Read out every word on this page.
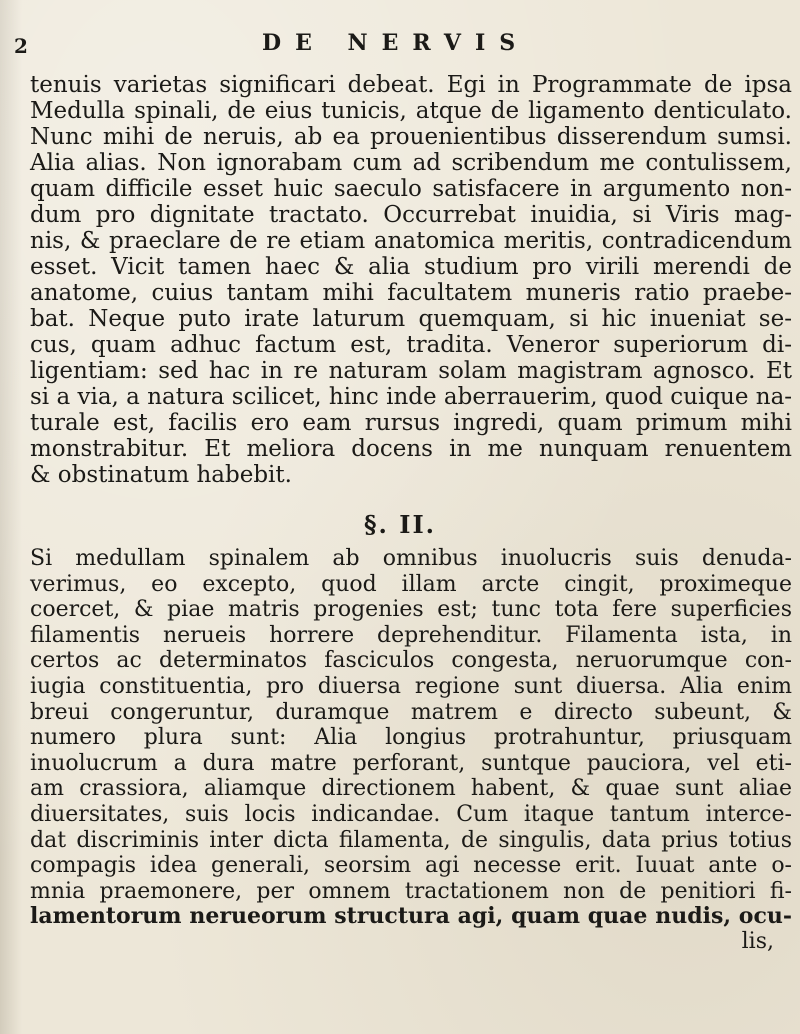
2	DE NERVIS
tenuis varietas significari debeat. Egi in Programmate de ipsa
Medulla spinali, de eius tunicis, atque de ligamento denticulato.
Nunc mihi de neruis, ab ea prouenientibus disserendum sumsi.
Alia alias. Non ignorabam cum ad scribendum me contulissem,
quam difficile esset huic saeculo satisfacere in argumento non-
dum pro dignitate tractato. Occurrebat inuidia, si Viris mag-
nis, & praeclare de re etiam anatomica meritis, contradicendum
esset. Vicit tamen haec & alia studium pro virili merendi de
anatome, cuius tantam mihi facultatem muneris ratio praebe-
bat. Neque puto irate laturum quemquam, si hic inueniat se-
cus, quam adhuc factum est, tradita. Veneror superiorum di-
ligentiam: sed hac in re naturam solam magistram agnosco. Et
si a via, a natura scilicet, hinc inde aberrauerim, quod cuique na-
turale est, facilis ero eam rursus ingredi, quam primum mihi
monstrabitur. Et meliora docens in me nunquam renuentem
& obstinatum habebit.
§. II.
Si medullam spinalem ab omnibus inuolucris suis denuda-
verimus, eo excepto, quod illam arcte cingit, proximeque
coercet, & piae matris progenies est; tunc tota fere superficies
filamentis nerueis horrere deprehenditur. Filamenta ista, in
certos ac determinatos fasciculos congesta, neruorumque con-
iugia constituentia, pro diuersa regione sunt diuersa. Alia enim
breui congeruntur, duramque matrem e directo subeunt, &
numero plura sunt: Alia longius protrahuntur, priusquam
inuolucrum a dura matre perforant, suntque pauciora, vel eti-
am crassiora, aliamque directionem habent, & quae sunt aliae
diuersitates, suis locis indicandae. Cum itaque tantum interce-
dat discriminis inter dicta filamenta, de singulis, data prius totius
compagis idea generali, seorsim agi necesse erit. Iuuat ante o-
mnia praemonere, per omnem tractationem non de penitiori fi-
lamentorum neruеorum structura agi, quam quae nudis, ocu-
lis,
